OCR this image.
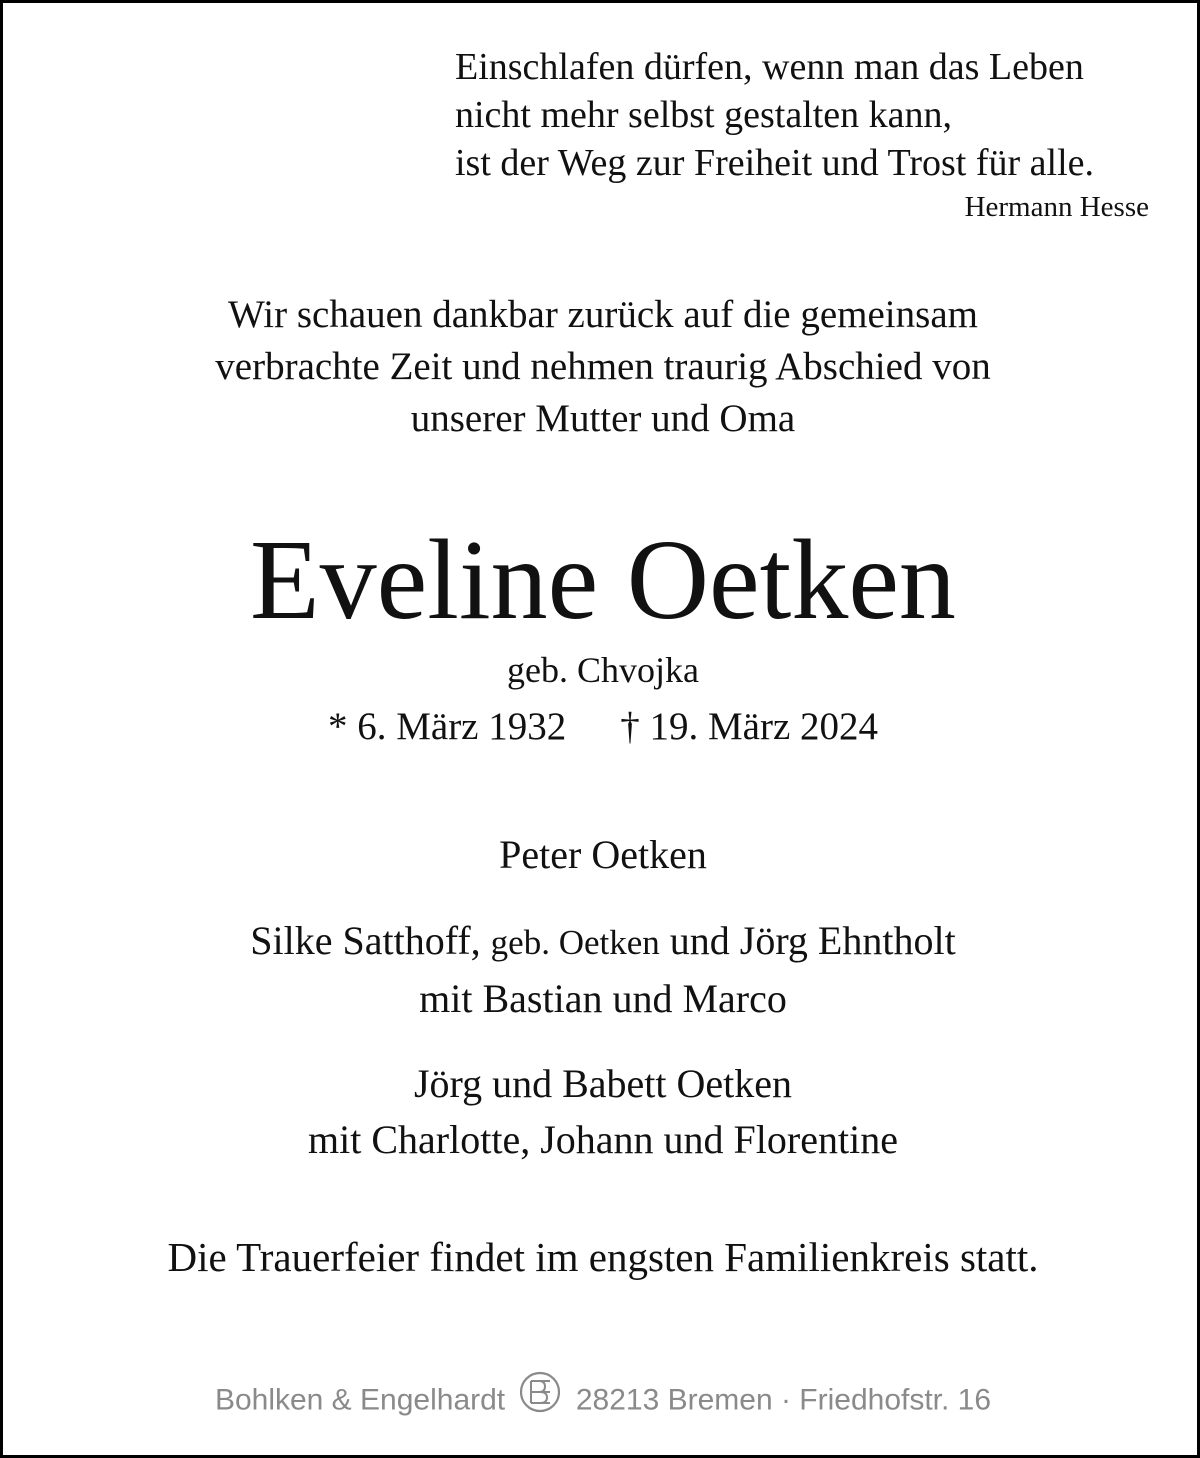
Einschlafen dürfen, wenn man das Leben
nicht mehr selbst gestalten kann,
ist der Weg zur Freiheit und Trost für alle.
Hermann Hesse
Wir schauen dankbar zurück auf die gemeinsam
verbrachte Zeit und nehmen traurig Abschied von
unserer Mutter und Oma
Eveline Oetken
geb. Chvojka
* 6. März 1932 † 19. März 2024
Peter Oetken
Silke Satthoff, geb. Oetken und Jörg Ehntholt
mit Bastian und Marco
Jörg und Babett Oetken
mit Charlotte, Johann und Florentine
Die Trauerfeier findet im engsten Familienkreis statt.
Bohlken & Engelhardt 28213 Bremen · Friedhofstr. 16
